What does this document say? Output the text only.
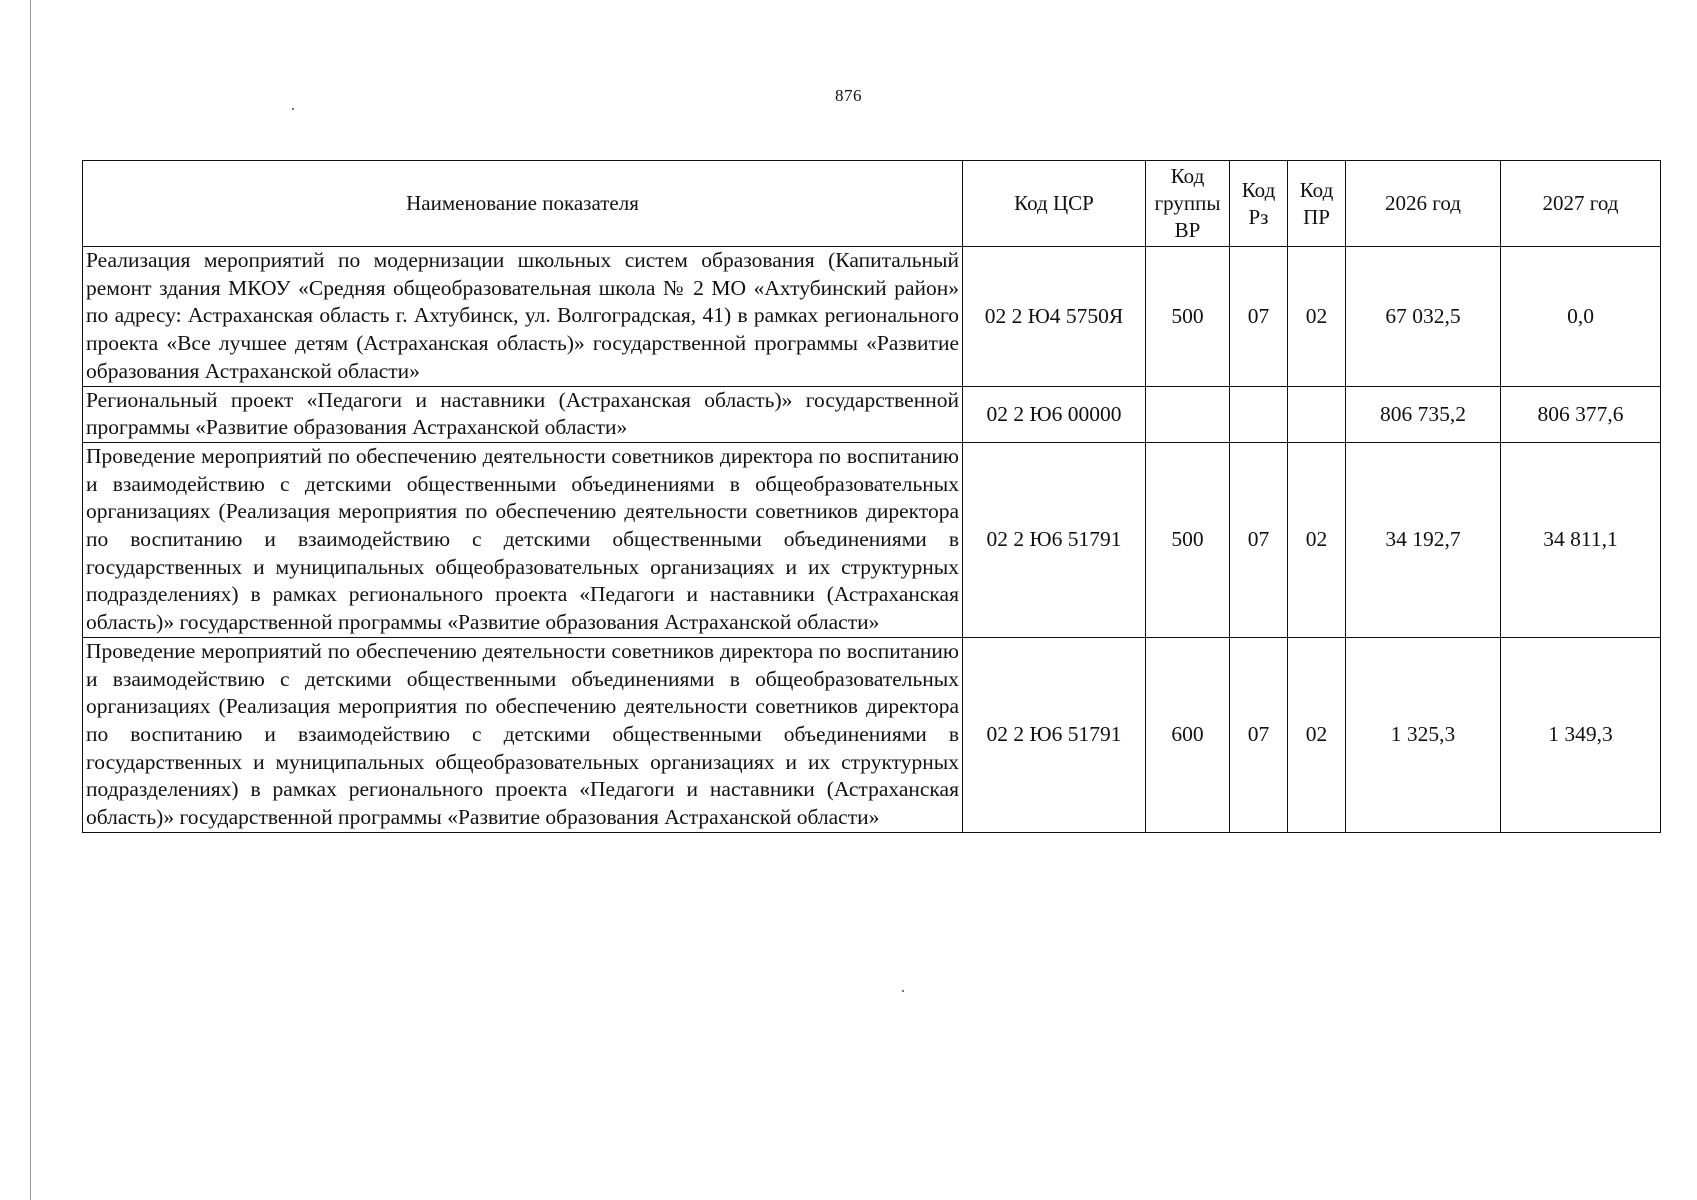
876
Наименование показателя	Код ЦСР	Код группы ВР	Код Рз	Код ПР	2026 год	2027 год
Реализация мероприятий по модернизации школьных систем образования (Капитальный ремонт здания МКОУ «Средняя общеобразовательная школа № 2 МО «Ахтубинский район» по адресу: Астраханская область г. Ахтубинск, ул. Волгоградская, 41) в рамках регионального проекта «Все лучшее детям (Астраханская область)» государственной программы «Развитие образования Астраханской области»	02 2 Ю4 5750Я	500	07	02	67 032,5	0,0
Региональный проект «Педагоги и наставники (Астраханская область)» государственной программы «Развитие образования Астраханской области»	02 2 Ю6 00000				806 735,2	806 377,6
Проведение мероприятий по обеспечению деятельности советников директора по воспитанию и взаимодействию с детскими общественными объединениями в общеобразовательных организациях (Реализация мероприятия по обеспечению деятельности советников директора по воспитанию и взаимодействию с детскими общественными объединениями в государственных и муниципальных общеобразовательных организациях и их структурных подразделениях) в рамках регионального проекта «Педагоги и наставники (Астраханская область)» государственной программы «Развитие образования Астраханской области»	02 2 Ю6 51791	500	07	02	34 192,7	34 811,1
Проведение мероприятий по обеспечению деятельности советников директора по воспитанию и взаимодействию с детскими общественными объединениями в общеобразовательных организациях (Реализация мероприятия по обеспечению деятельности советников директора по воспитанию и взаимодействию с детскими общественными объединениями в государственных и муниципальных общеобразовательных организациях и их структурных подразделениях) в рамках регионального проекта «Педагоги и наставники (Астраханская область)» государственной программы «Развитие образования Астраханской области»	02 2 Ю6 51791	600	07	02	1 325,3	1 349,3
